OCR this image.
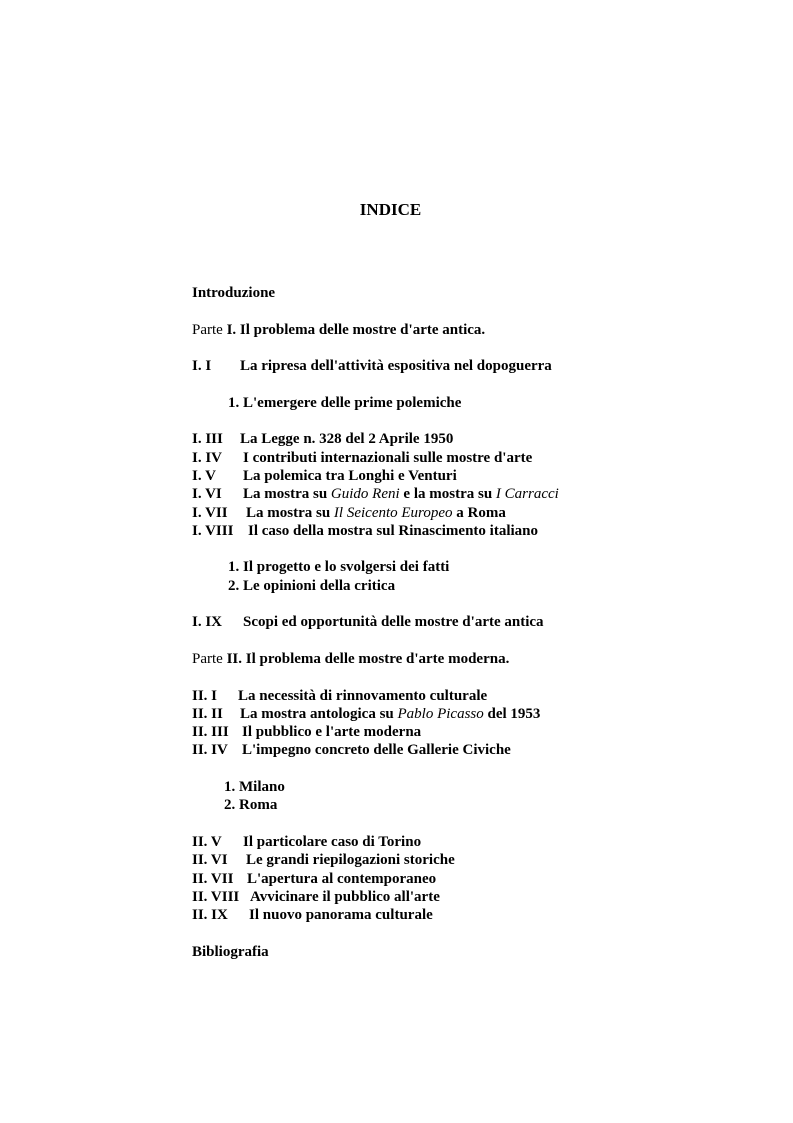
INDICE
Introduzione
Parte I. Il problema delle mostre d'arte antica.
I. I La ripresa dell'attività espositiva nel dopoguerra
1. L'emergere delle prime polemiche
I. III La Legge n. 328 del 2 Aprile 1950
I. IV I contributi internazionali sulle mostre d'arte
I. V La polemica tra Longhi e Venturi
I. VI La mostra su Guido Reni e la mostra su I Carracci
I. VII La mostra su Il Seicento Europeo a Roma
I. VIII Il caso della mostra sul Rinascimento italiano
1. Il progetto e lo svolgersi dei fatti
2. Le opinioni della critica
I. IX Scopi ed opportunità delle mostre d'arte antica
Parte II. Il problema delle mostre d'arte moderna.
II. I La necessità di rinnovamento culturale
II. II La mostra antologica su Pablo Picasso del 1953
II. III Il pubblico e l'arte moderna
II. IV L'impegno concreto delle Gallerie Civiche
1. Milano
2. Roma
II. V Il particolare caso di Torino
II. VI Le grandi riepilogazioni storiche
II. VII L'apertura al contemporaneo
II. VIII Avvicinare il pubblico all'arte
II. IX Il nuovo panorama culturale
Bibliografia
